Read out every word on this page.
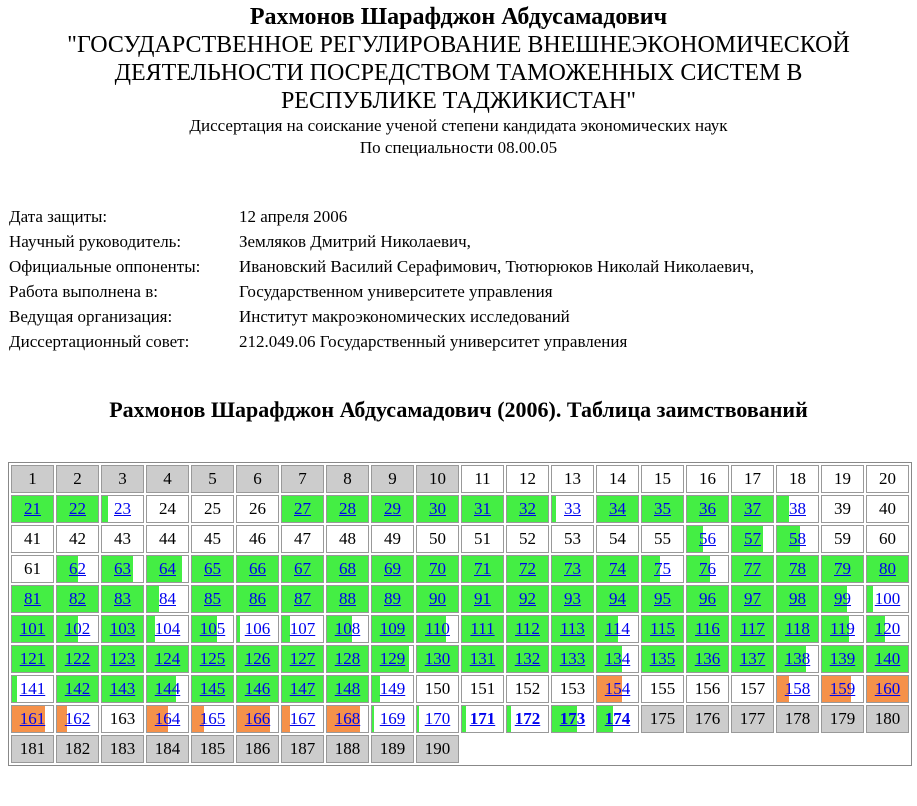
Рахмонов Шарафджон Абдусамадович
"ГОСУДАРСТВЕННОЕ РЕГУЛИРОВАНИЕ ВНЕШНЕЭКОНОМИЧЕСКОЙ ДЕЯТЕЛЬНОСТИ ПОСРЕДСТВОМ ТАМОЖЕННЫХ СИСТЕМ В РЕСПУБЛИКЕ ТАДЖИКИСТАН"
Диссертация на соискание ученой степени кандидата экономических наук
По специальности 08.00.05
Дата защиты:	12 апреля 2006
Научный руководитель:	Земляков Дмитрий Николаевич,
Официальные оппоненты:	Ивановский Василий Серафимович, Тютюрюков Николай Николаевич,
Работа выполнена в:	Государственном университете управления
Ведущая организация:	Институт макроэкономических исследований
Диссертационный совет:	212.049.06 Государственный университет управления
Рахмонов Шарафджон Абдусамадович (2006). Таблица заимствований
1	2	3	4	5	6	7	8	9	10	11	12	13	14	15	16	17	18	19	20

21	22	23	24	25	26	27	28	29	30	31	32	33	34	35	36	37	38	39	40
41	42	43	44	45	46	47	48	49	50	51	52	53	54	55	56	57	58	59	60
61	62	63	64	65	66	67	68	69	70	71	72	73	74	75	76	77	78	79	80

81	82	83	84	85	86	87	88	89	90	91	92	93	94	95	96	97	98	99	100

101	102	103	104	105	106	107	108	109	110	111	112	113	114	115	116	117	118	119	120

121	122	123	124	125	126	127	128	129	130	131	132	133	134	135	136	137	138	139	140

141	142	143	144	145	146	147	148	149	150	151	152	153	154	155	156	157	158	159	160

161	162	163	164	165	166	167	168	169	170	171	172	173	174	175	176	177	178	179	180
181	182	183	184	185	186	187	188	189	190										
